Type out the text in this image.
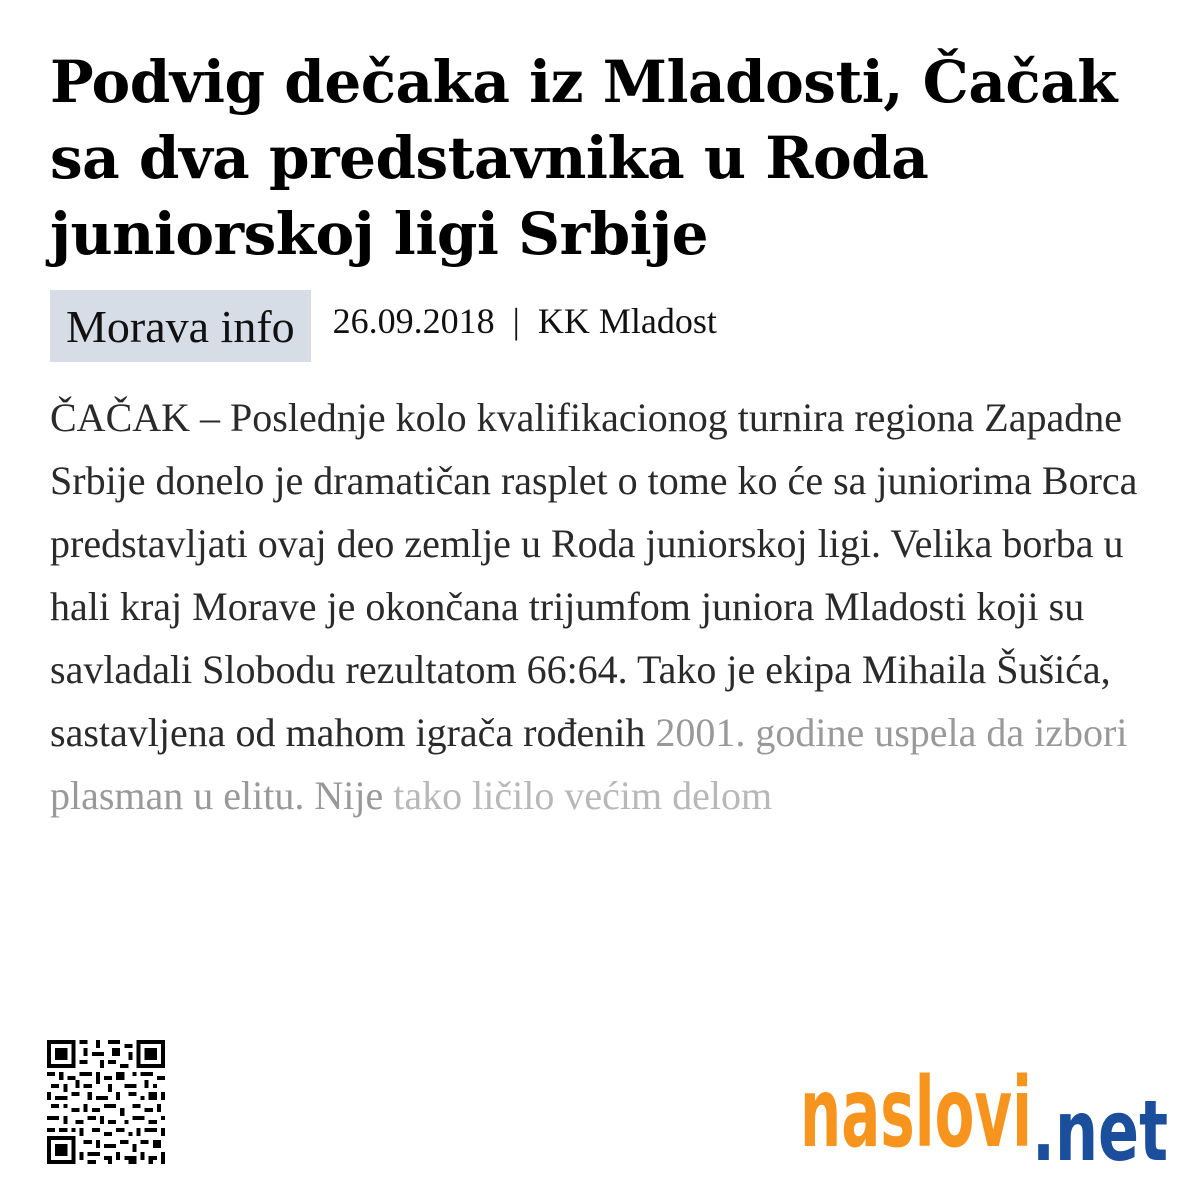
Podvig dečaka iz Mladosti, Čačak sa dva predstavnika u Roda juniorskoj ligi Srbije
Morava info	26.09.2018 | KK Mladost

ČAČAK – Poslednje kolo kvalifikacionog turnira regiona Zapadne Srbije donelo je dramatičan rasplet o tome ko će sa juniorima Borca predstavljati ovaj deo zemlje u Roda juniorskoj ligi. Velika borba u hali kraj Morave je okončana trijumfom juniora Mladosti koji su savladali Slobodu rezultatom 66:64. Tako je ekipa Mihaila Šušića, sastavljena od mahom igrača rođenih 2001. godine uspela da izbori plasman u elitu. Nije tako ličilo većim delom

naslovi .net
